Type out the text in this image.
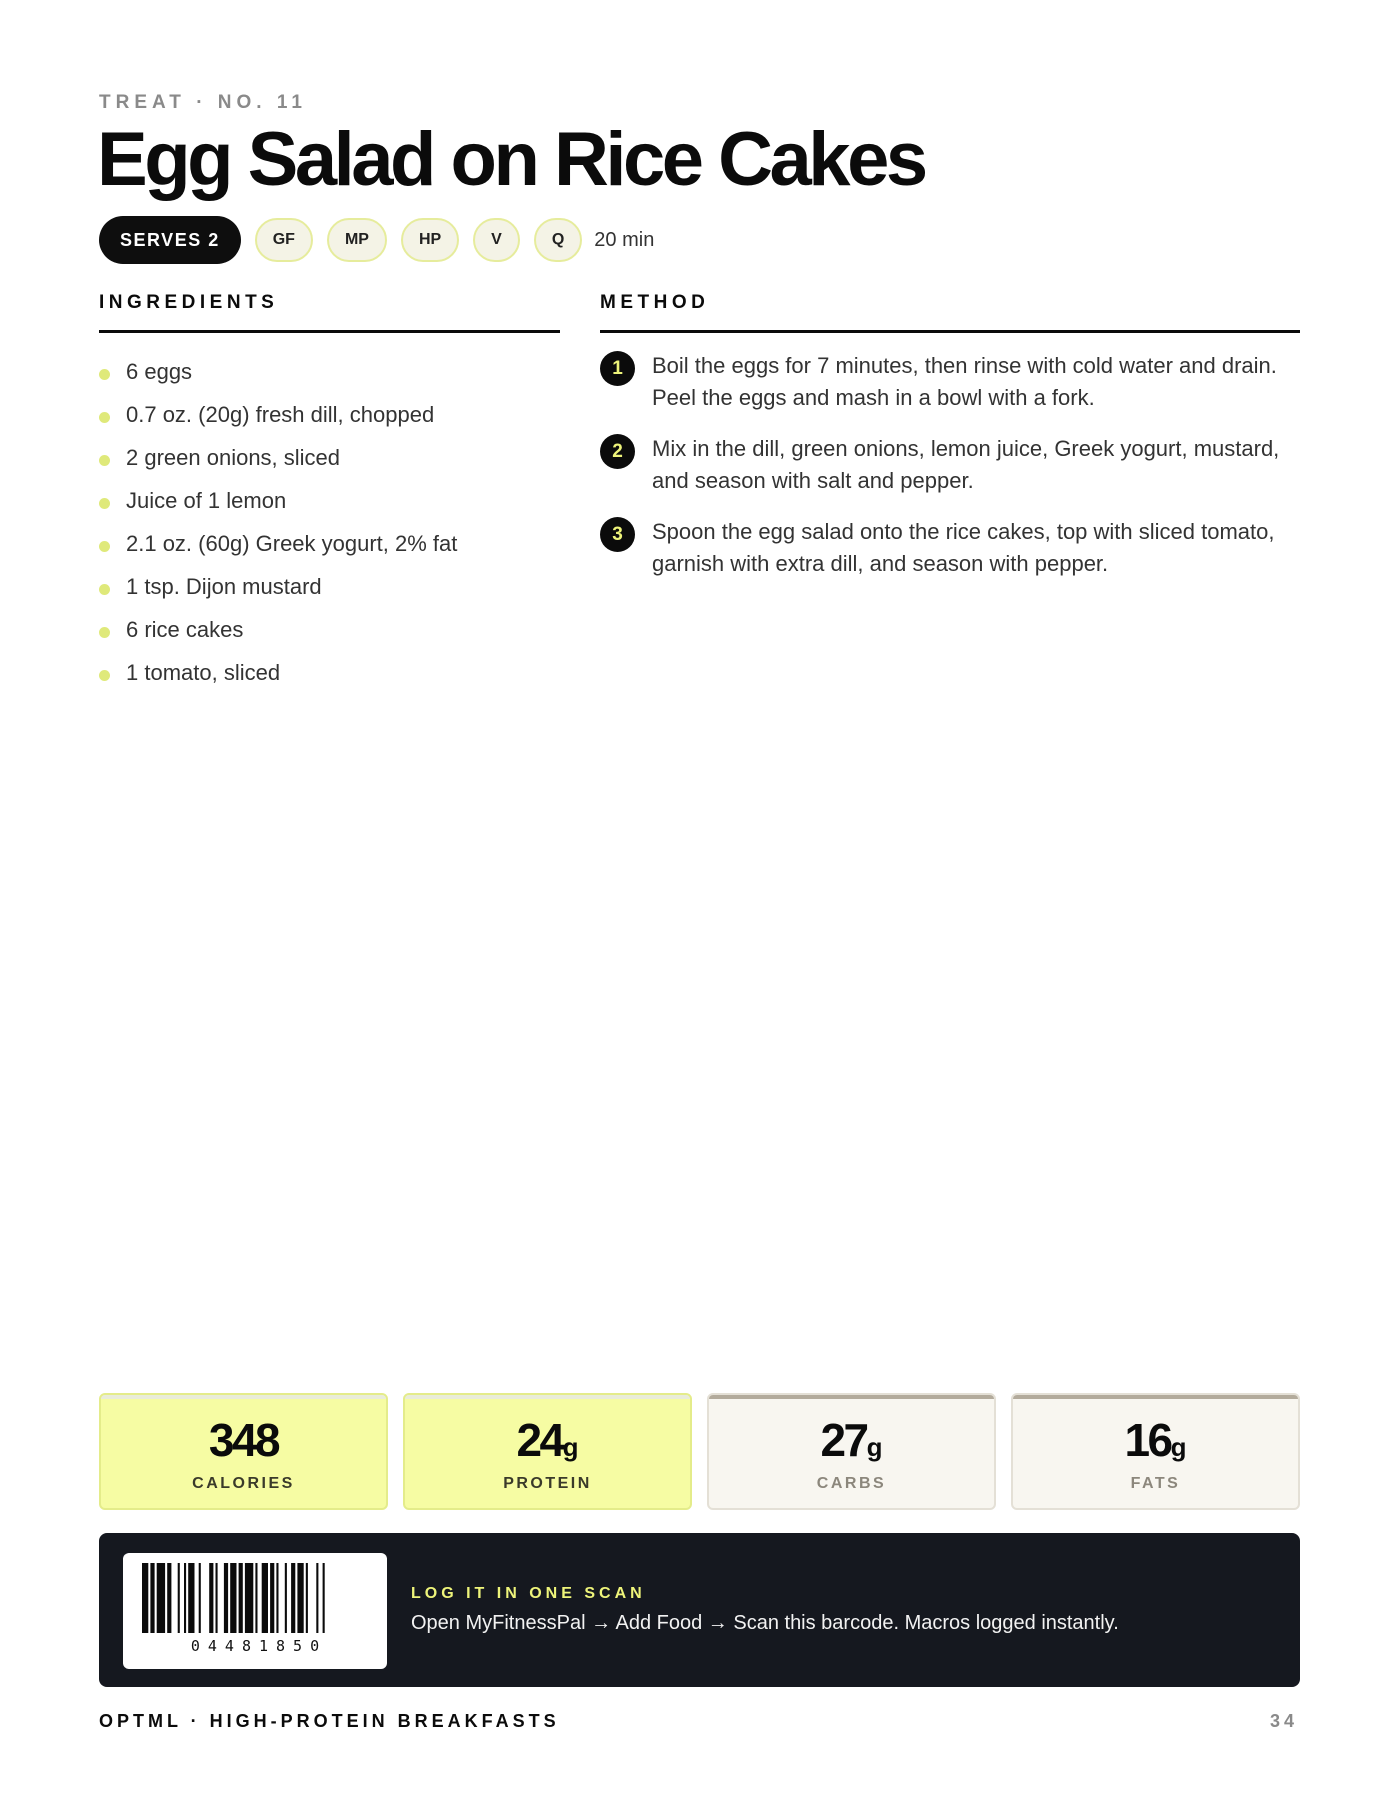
TREAT · NO. 11
Egg Salad on Rice Cakes
SERVES 2	GF	MP	HP	V	Q	20 min
INGREDIENTS	METHOD
6 eggs
0.7 oz. (20g) fresh dill, chopped
2 green onions, sliced
Juice of 1 lemon
2.1 oz. (60g) Greek yogurt, 2% fat
1 tsp. Dijon mustard
6 rice cakes
1 tomato, sliced
1	Boil the eggs for 7 minutes, then rinse with cold water and drain. Peel the eggs and mash in a bowl with a fork.
2	Mix in the dill, green onions, lemon juice, Greek yogurt, mustard, and season with salt and pepper.
3	Spoon the egg salad onto the rice cakes, top with sliced tomato, garnish with extra dill, and season with pepper.
348
CALORIES
24g
PROTEIN
27g
CARBS
16g
FATS
04481850
LOG IT IN ONE SCAN
Open MyFitnessPal → Add Food → Scan this barcode. Macros logged instantly.
OPTML · HIGH-PROTEIN BREAKFASTS	34
